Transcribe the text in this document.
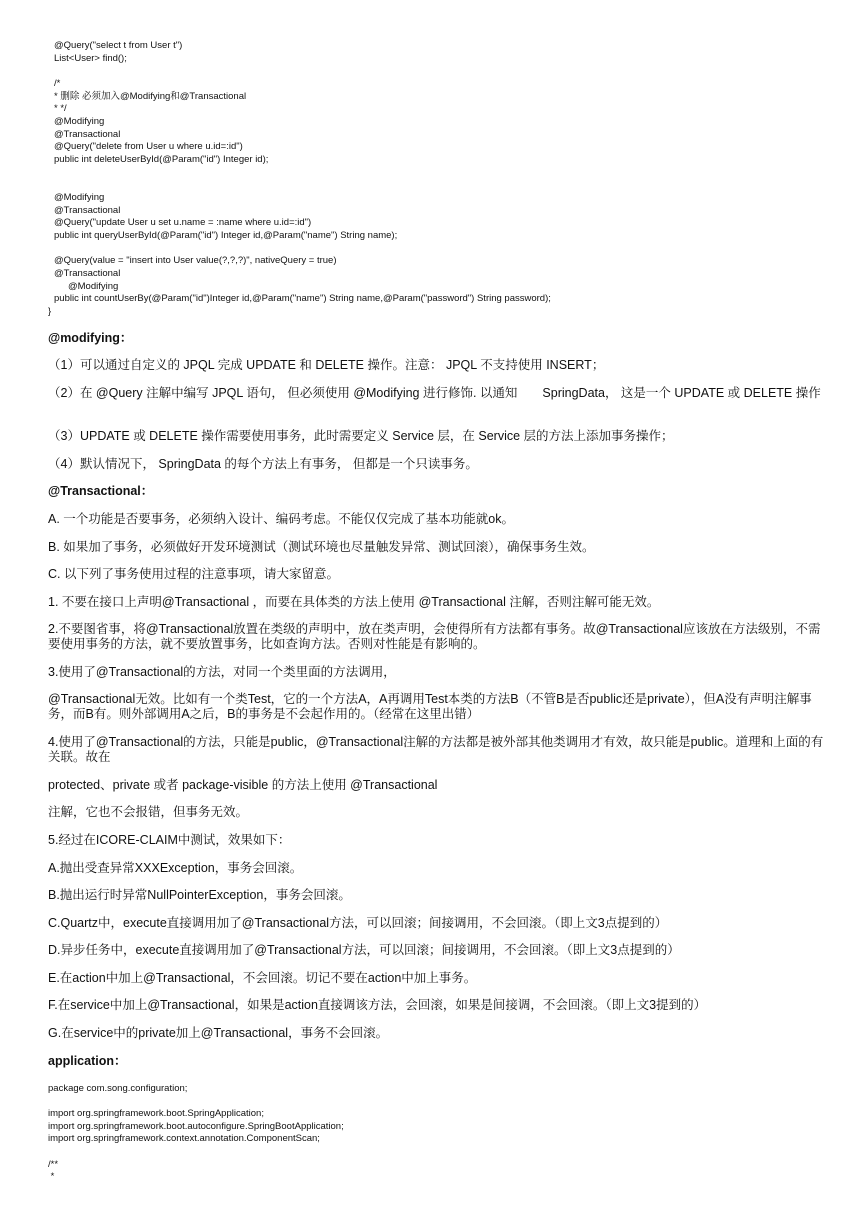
@Query("select t from User t")
List<User> find();
/*
* 删除 必须加入@Modifying和@Transactional
* */
@Modifying
@Transactional
@Query("delete from User u where u.id=:id")
public int deleteUserById(@Param("id") Integer id);
@Modifying
@Transactional
@Query("update User u set u.name = :name where u.id=:id")
public int queryUserById(@Param("id") Integer id,@Param("name") String name);
@Query(value = "insert into User value(?,?,?)", nativeQuery = true)
@Transactional
@Modifying
public int countUserBy(@Param("id")Integer id,@Param("name") String name,@Param("password") String password);
}
@modifying：
（1）可以通过自定义的 JPQL 完成 UPDATE 和 DELETE 操作。注意： JPQL 不支持使用 INSERT；
（2）在 @Query 注解中编写 JPQL 语句， 但必须使用 @Modifying 进行修饰. 以通知　　SpringData， 这是一个 UPDATE 或 DELETE 操作
（3）UPDATE 或 DELETE 操作需要使用事务，此时需要定义 Service 层，在 Service 层的方法上添加事务操作；
（4）默认情况下， SpringData 的每个方法上有事务， 但都是一个只读事务。
@Transactional：
A. 一个功能是否要事务，必须纳入设计、编码考虑。不能仅仅完成了基本功能就ok。
B. 如果加了事务，必须做好开发环境测试（测试环境也尽量触发异常、测试回滚），确保事务生效。
C. 以下列了事务使用过程的注意事项，请大家留意。
1. 不要在接口上声明@Transactional ，而要在具体类的方法上使用 @Transactional 注解，否则注解可能无效。
2.不要图省事，将@Transactional放置在类级的声明中，放在类声明，会使得所有方法都有事务。故@Transactional应该放在方法级别，不需要使用事务的方法，就不要放置事务，比如查询方法。否则对性能是有影响的。
3.使用了@Transactional的方法，对同一个类里面的方法调用，
@Transactional无效。比如有一个类Test，它的一个方法A，A再调用Test本类的方法B（不管B是否public还是private），但A没有声明注解事务，而B有。则外部调用A之后，B的事务是不会起作用的。（经常在这里出错）
4.使用了@Transactional的方法，只能是public，@Transactional注解的方法都是被外部其他类调用才有效，故只能是public。道理和上面的有关联。故在
protected、private 或者 package-visible 的方法上使用 @Transactional
注解，它也不会报错，但事务无效。
5.经过在ICORE-CLAIM中测试，效果如下：
A.抛出受查异常XXXException，事务会回滚。
B.抛出运行时异常NullPointerException，事务会回滚。
C.Quartz中，execute直接调用加了@Transactional方法，可以回滚；间接调用，不会回滚。（即上文3点提到的）
D.异步任务中，execute直接调用加了@Transactional方法，可以回滚；间接调用，不会回滚。（即上文3点提到的）
E.在action中加上@Transactional，不会回滚。切记不要在action中加上事务。
F.在service中加上@Transactional，如果是action直接调该方法，会回滚，如果是间接调，不会回滚。（即上文3提到的）
G.在service中的private加上@Transactional，事务不会回滚。
application：
package com.song.configuration;
import org.springframework.boot.SpringApplication;
import org.springframework.boot.autoconfigure.SpringBootApplication;
import org.springframework.context.annotation.ComponentScan;
/**
*
